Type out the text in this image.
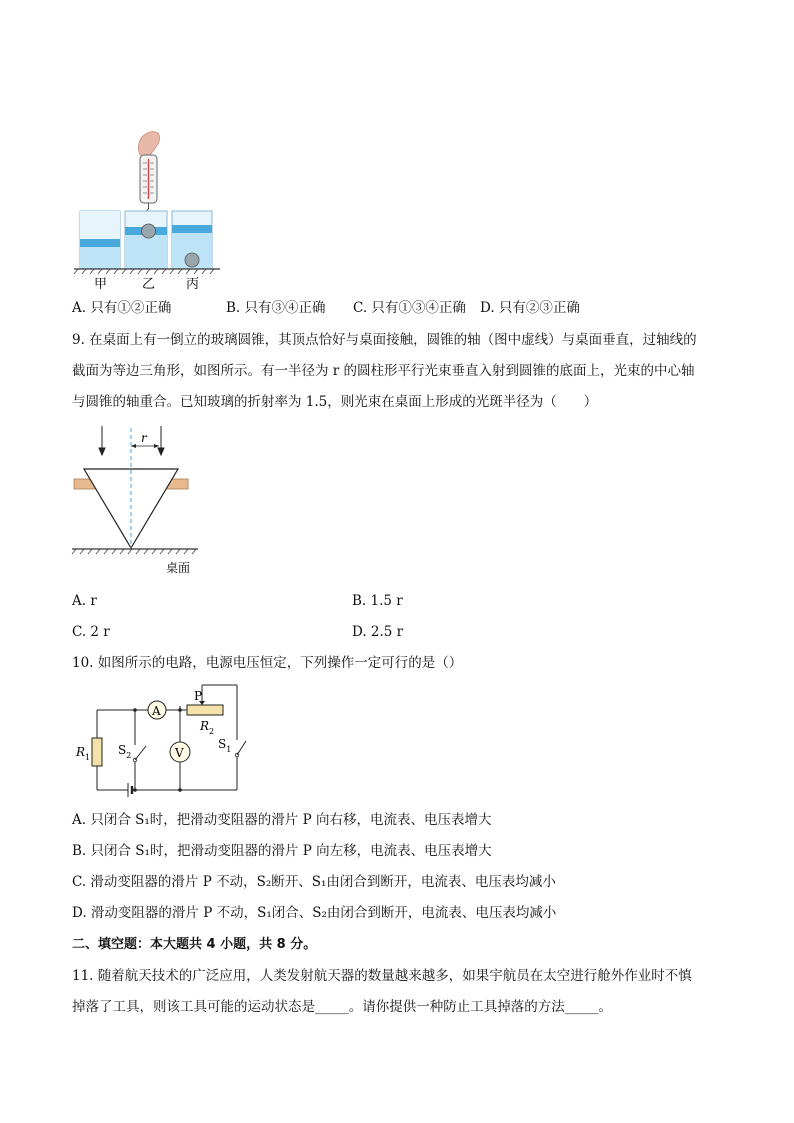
甲	乙 丙
A. 只有①②正确	B. 只有③④正确 C. 只有①③④正确 D. 只有②③正确
9. 在桌面上有一倒立的玻璃圆锥，其顶点恰好与桌面接触，圆锥的轴（图中虚线）与桌面垂直，过轴线的
截面为等边三角形，如图所示。有一半径为 r 的圆柱形平行光束垂直入射到圆锥的底面上，光束的中心轴
与圆锥的轴重合。已知玻璃的折射率为 1.5，则光束在桌面上形成的光斑半径为（　　）
r
桌面
A. r	B. 1.5 r
C. 2 r	D. 2.5 r
10. 如图所示的电路，电源电压恒定，下列操作一定可行的是（）
A
V
P
$R_2$
$R_1$
$S_2$
$S_1$
A. 只闭合 S₁时，把滑动变阻器的滑片 P 向右移，电流表、电压表增大
B. 只闭合 S₁时，把滑动变阻器的滑片 P 向左移，电流表、电压表增大
C. 滑动变阻器的滑片 P 不动，S₂断开、S₁由闭合到断开，电流表、电压表均减小
D. 滑动变阻器的滑片 P 不动，S₁闭合、S₂由闭合到断开，电流表、电压表均减小
二、填空题：本大题共 4 小题，共 8 分。
11. 随着航天技术的广泛应用，人类发射航天器的数量越来越多，如果宇航员在太空进行舱外作业时不慎
掉落了工具，则该工具可能的运动状态是_____。请你提供一种防止工具掉落的方法_____。
